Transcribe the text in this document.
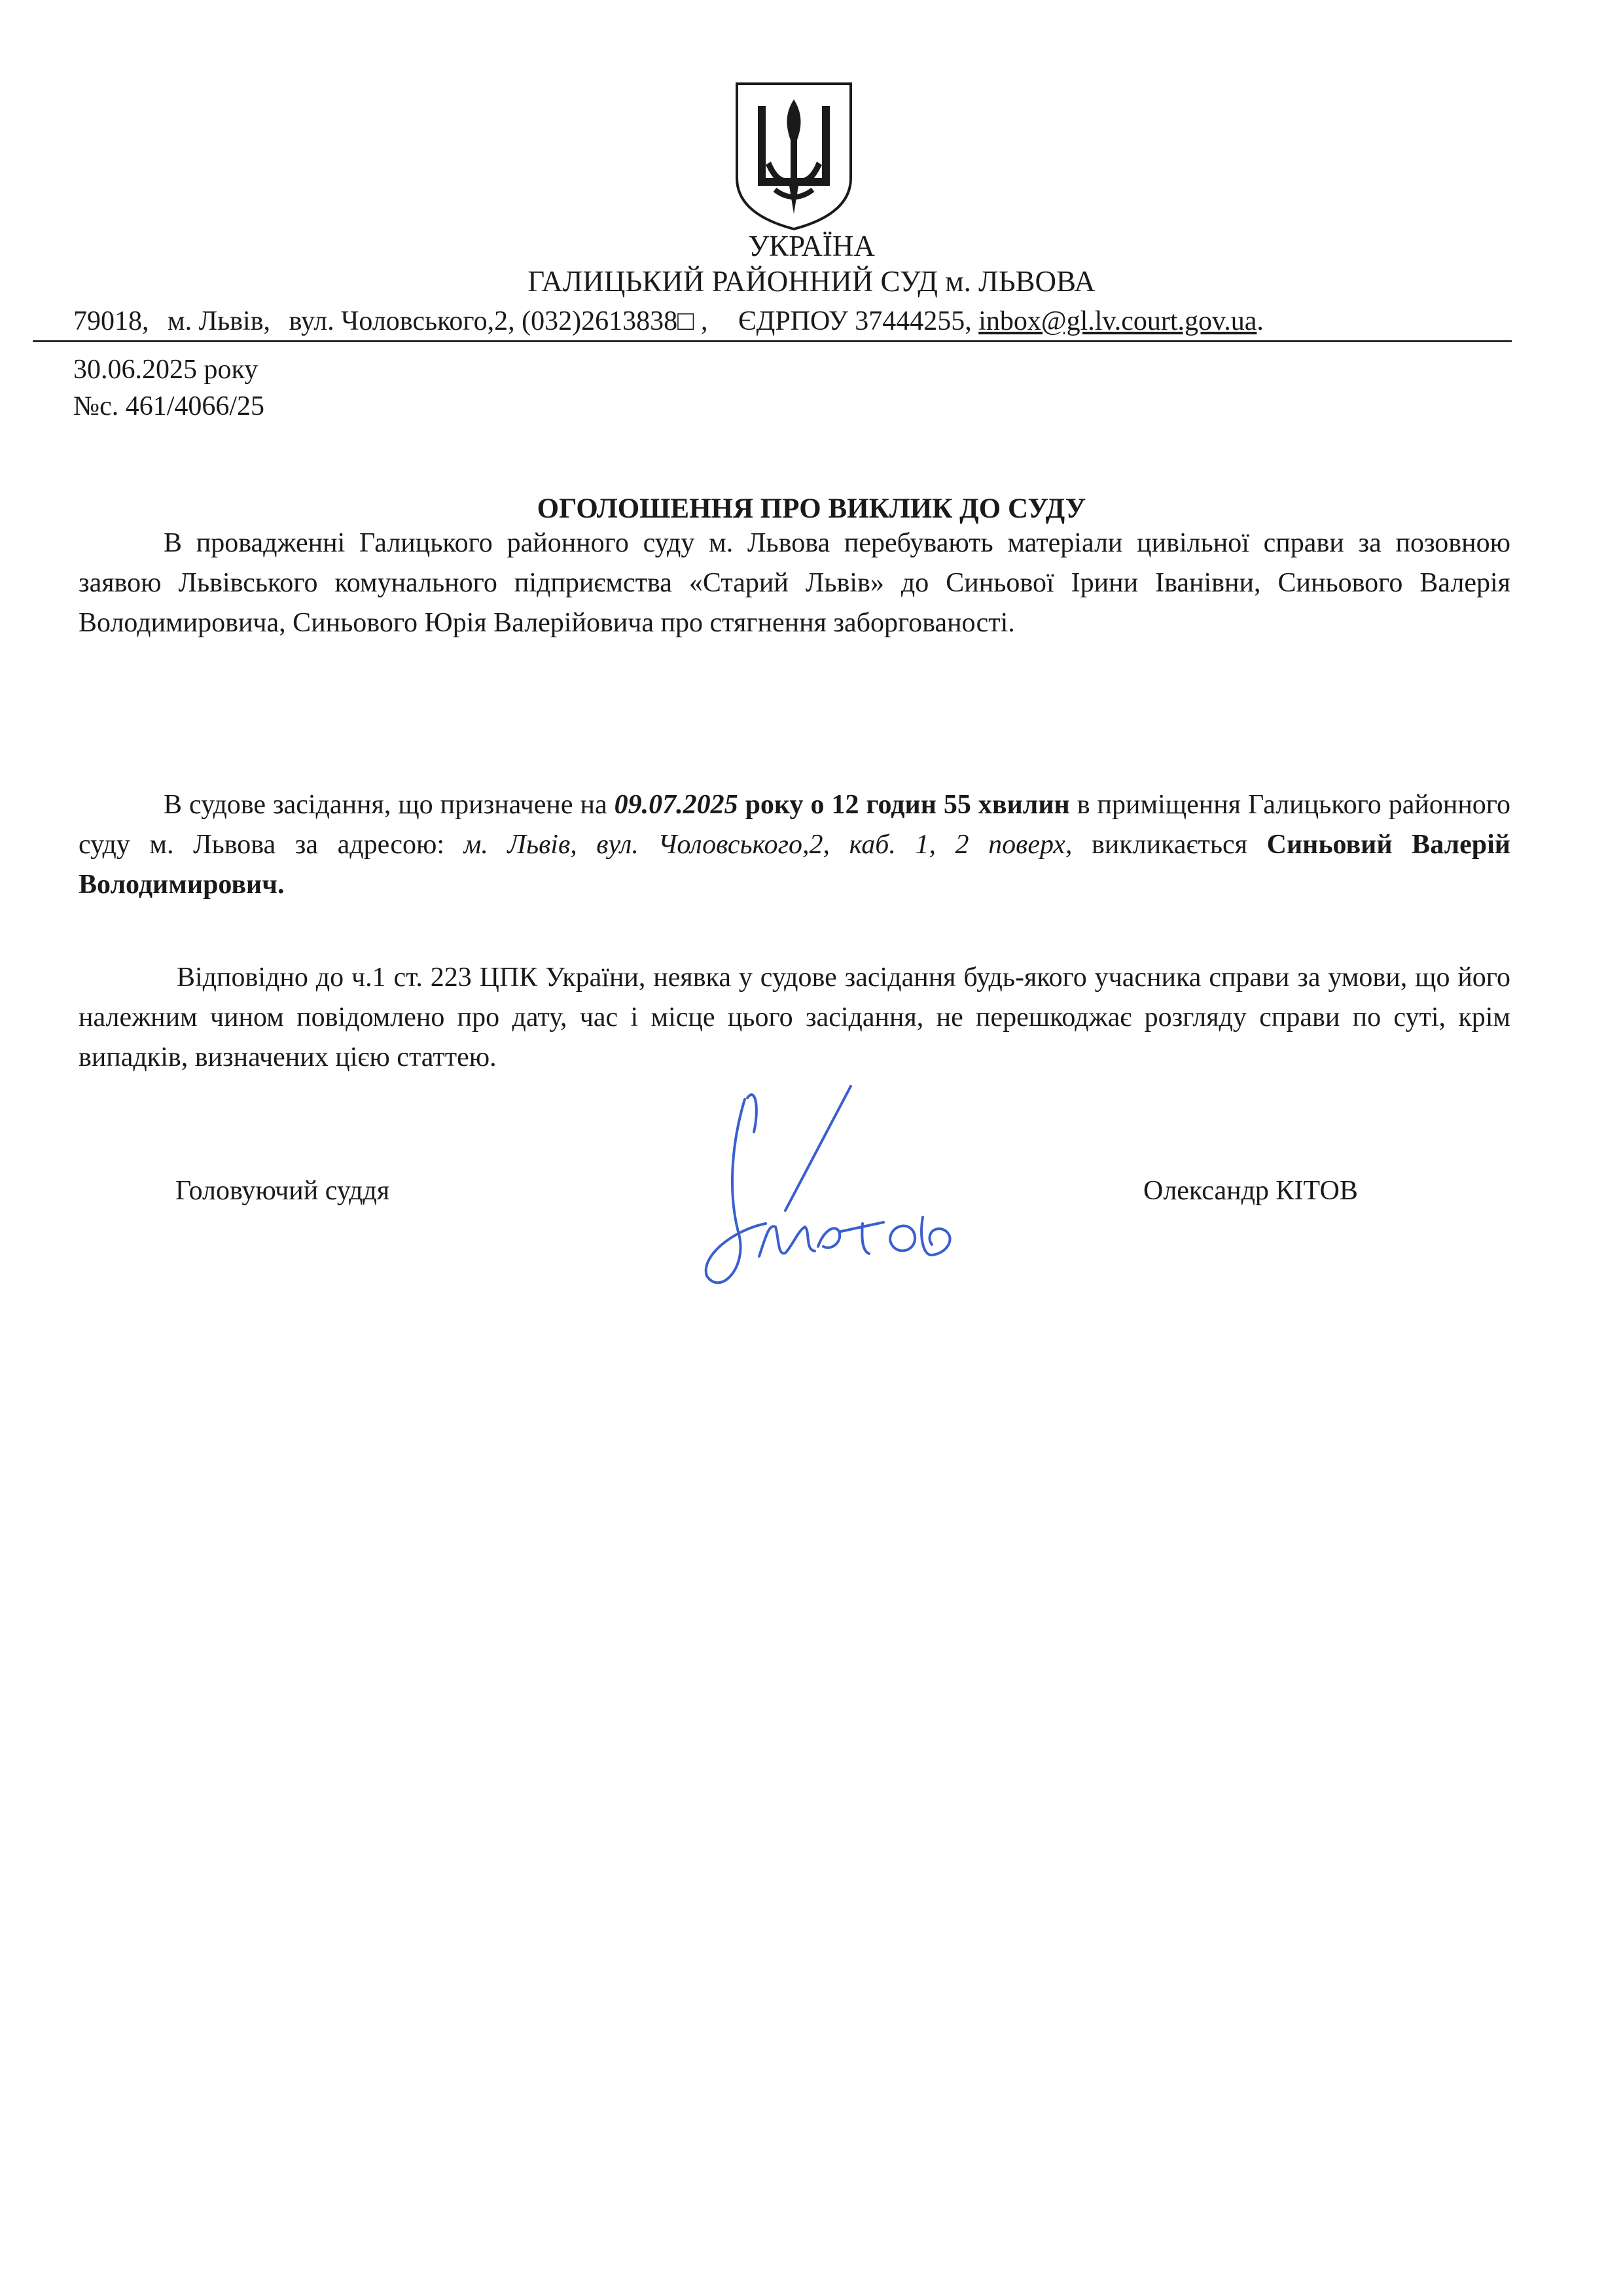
УКРАЇНА
ГАЛИЦЬКИЙ РАЙОННИЙ СУД м. ЛЬВОВА
79018, м. Львів, вул. Чоловського,2, (032)2613838□ , ЄДРПОУ 37444255, inbox@gl.lv.court.gov.ua.
30.06.2025 року
№с. 461/4066/25
ОГОЛОШЕННЯ ПРО ВИКЛИК ДО СУДУ
В провадженні Галицького районного суду м. Львова перебувають матеріали цивільної справи за позовною заявою Львівського комунального підприємства «Старий Львів» до Синьової Ірини Іванівни, Синьового Валерія Володимировича, Синьового Юрія Валерійовича про стягнення заборгованості.
В судове засідання, що призначене на 09.07.2025 року о 12 годин 55 хвилин в приміщення Галицького районного суду м. Львова за адресою: м. Львів, вул. Чоловського,2, каб. 1, 2 поверх, викликається Синьовий Валерій Володимирович.
Відповідно до ч.1 ст. 223 ЦПК України, неявка у судове засідання будь-якого учасника справи за умови, що його належним чином повідомлено про дату, час і місце цього засідання, не перешкоджає розгляду справи по суті, крім випадків, визначених цією статтею.
Головуючий суддя	Олександр КІТОВ
